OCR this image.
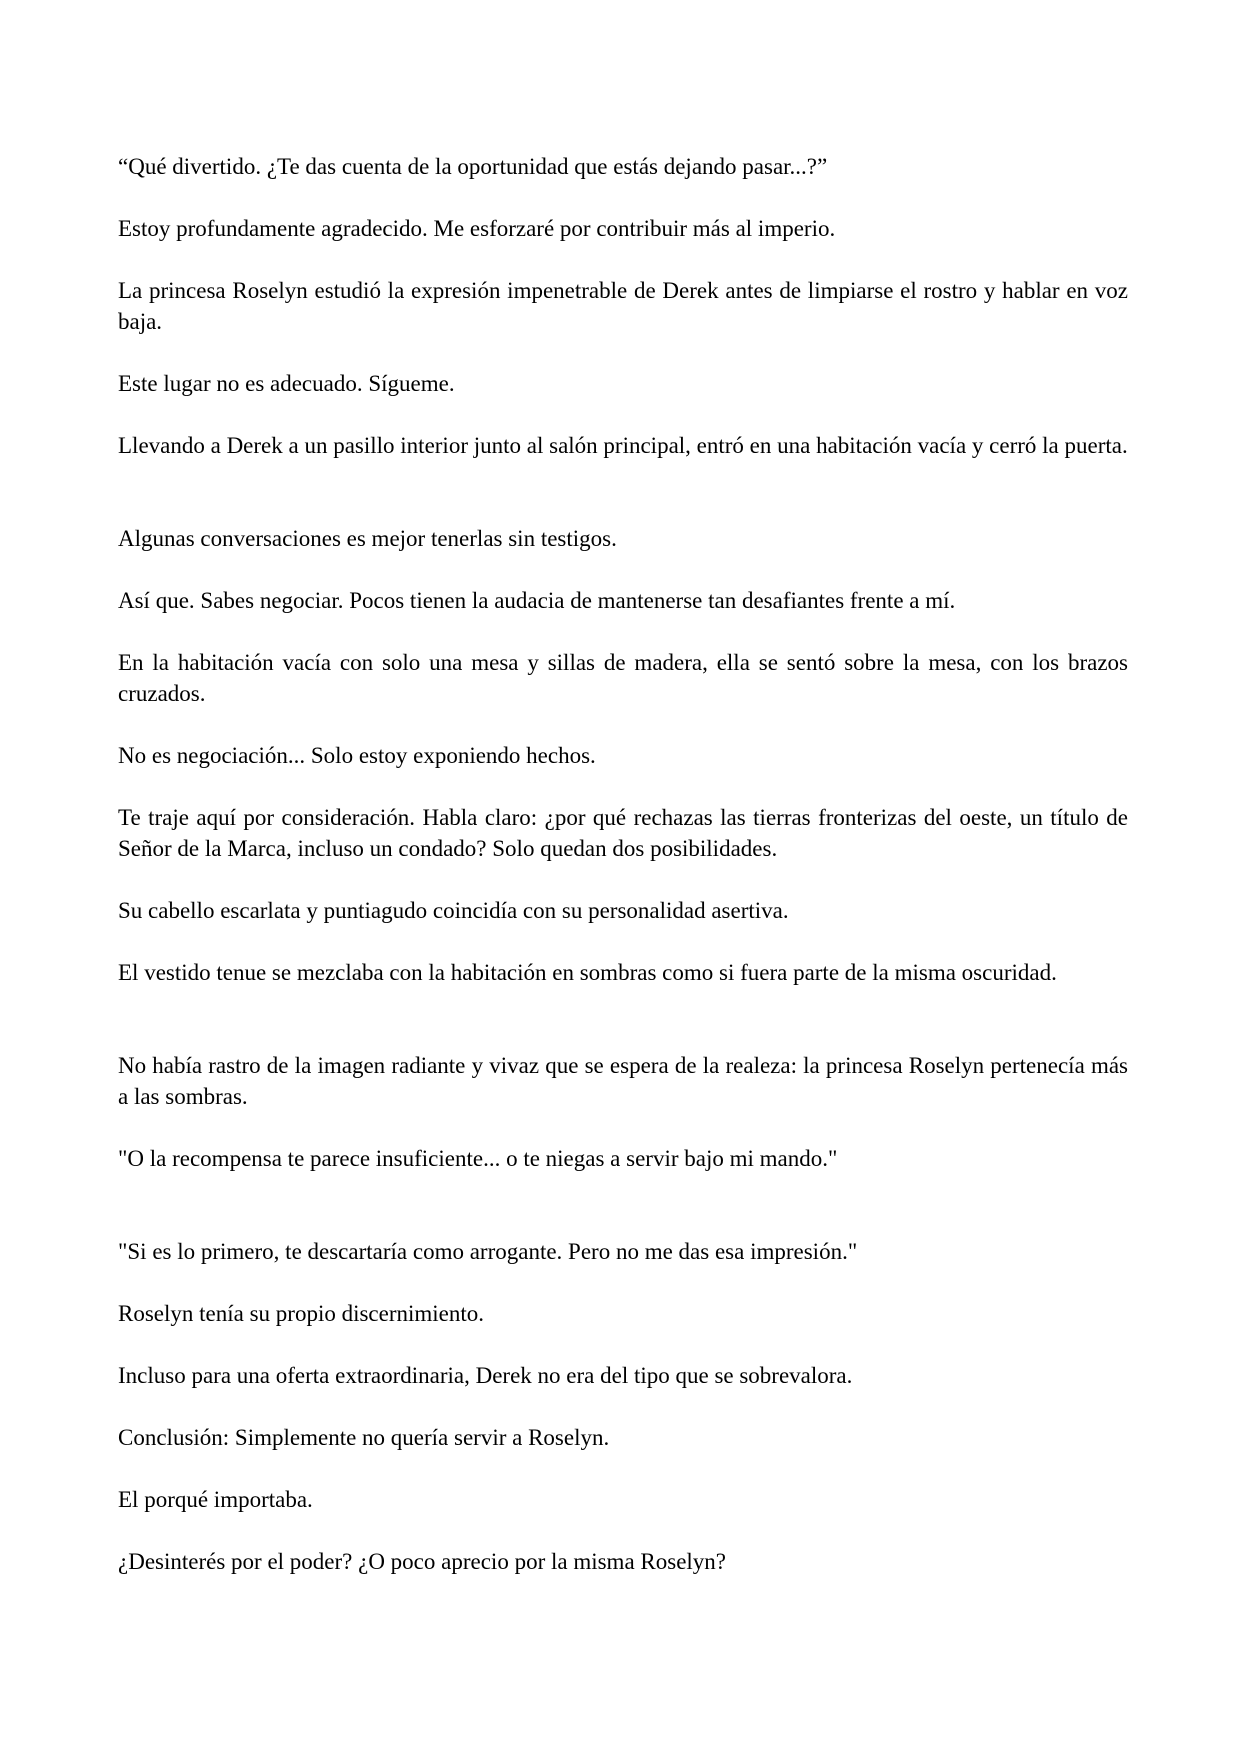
“Qué divertido. ¿Te das cuenta de la oportunidad que estás dejando pasar...?”

Estoy profundamente agradecido. Me esforzaré por contribuir más al imperio.

La princesa Roselyn estudió la expresión impenetrable de Derek antes de limpiarse el rostro y hablar en voz baja.

Este lugar no es adecuado. Sígueme.

Llevando a Derek a un pasillo interior junto al salón principal, entró en una habitación vacía y cerró la puerta.

Algunas conversaciones es mejor tenerlas sin testigos.

Así que. Sabes negociar. Pocos tienen la audacia de mantenerse tan desafiantes frente a mí.

En la habitación vacía con solo una mesa y sillas de madera, ella se sentó sobre la mesa, con los brazos cruzados.

No es negociación... Solo estoy exponiendo hechos.

Te traje aquí por consideración. Habla claro: ¿por qué rechazas las tierras fronterizas del oeste, un título de Señor de la Marca, incluso un condado? Solo quedan dos posibilidades.

Su cabello escarlata y puntiagudo coincidía con su personalidad asertiva.

El vestido tenue se mezclaba con la habitación en sombras como si fuera parte de la misma oscuridad.

No había rastro de la imagen radiante y vivaz que se espera de la realeza: la princesa Roselyn pertenecía más a las sombras.

"O la recompensa te parece insuficiente... o te niegas a servir bajo mi mando."

"Si es lo primero, te descartaría como arrogante. Pero no me das esa impresión."

Roselyn tenía su propio discernimiento.

Incluso para una oferta extraordinaria, Derek no era del tipo que se sobrevalora.

Conclusión: Simplemente no quería servir a Roselyn.

El porqué importaba.

¿Desinterés por el poder? ¿O poco aprecio por la misma Roselyn?
